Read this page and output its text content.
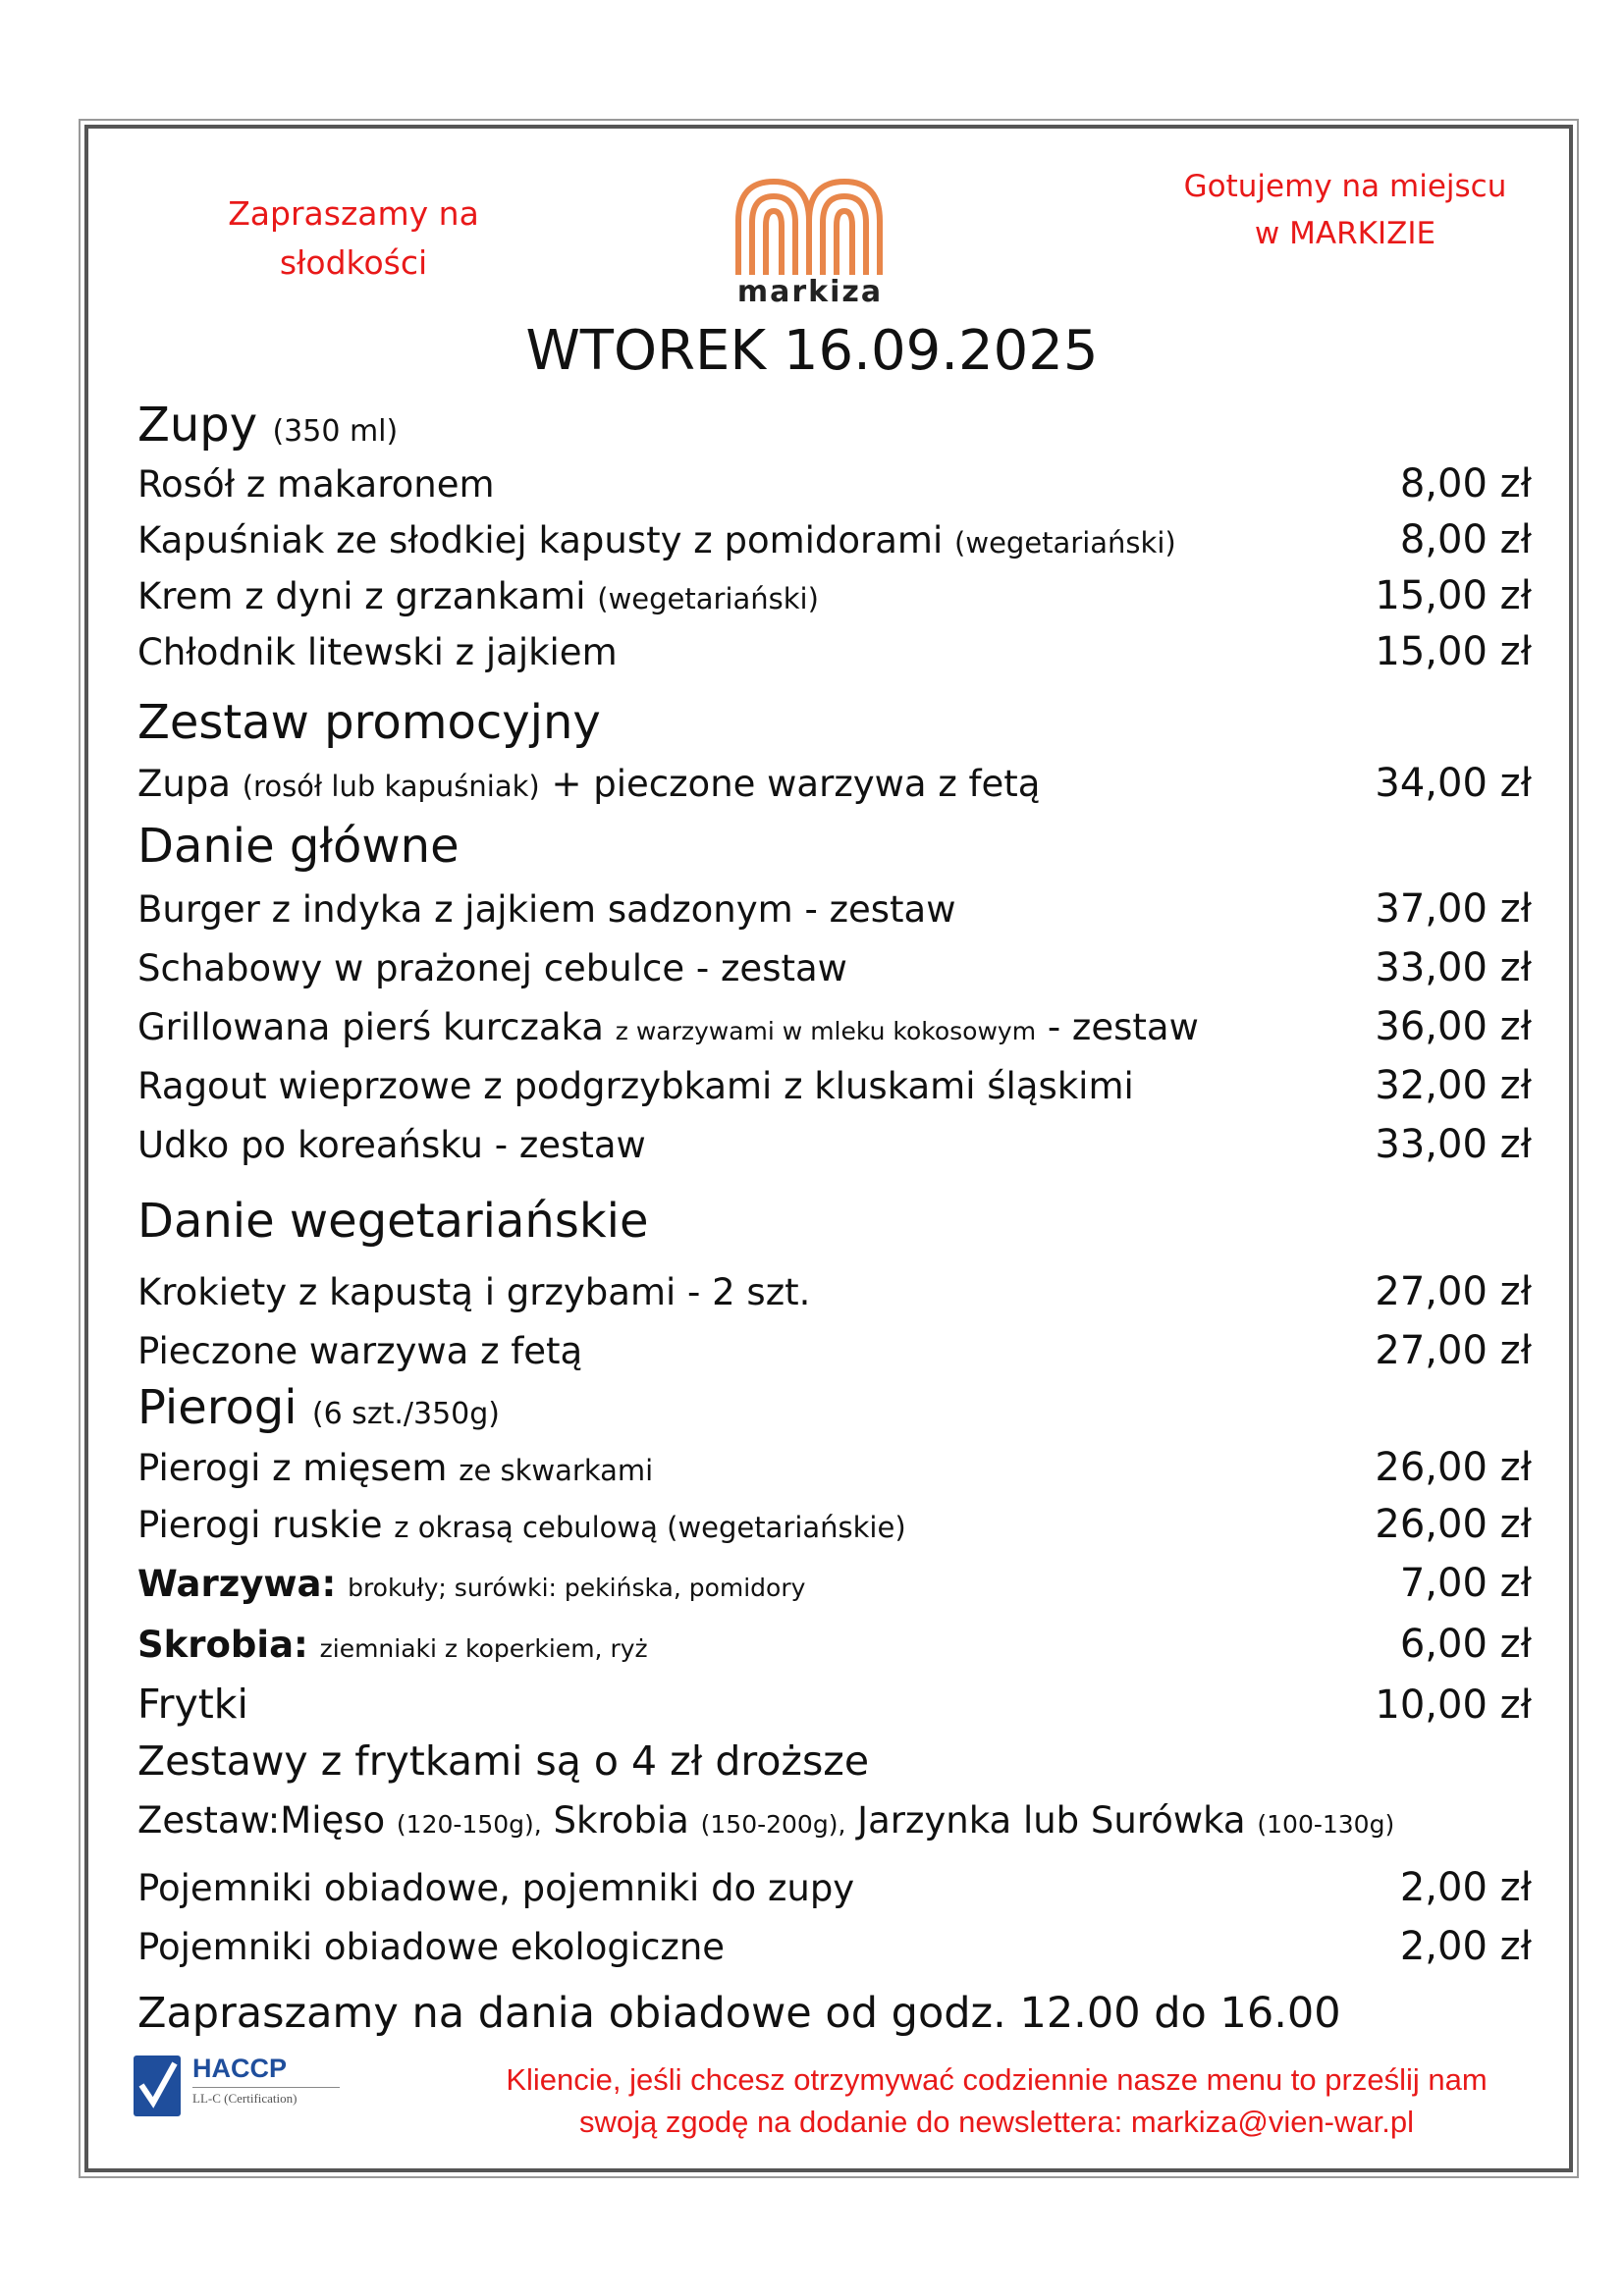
Zapraszamy na
słodkości
markiza
Gotujemy na miejscu
w MARKIZIE
WTOREK 16.09.2025
Zupy (350 ml)
Rosół z makaronem	8,00 zł
Kapuśniak ze słodkiej kapusty z pomidorami (wegetariański)	8,00 zł
Krem z dyni z grzankami (wegetariański)	15,00 zł
Chłodnik litewski z jajkiem	15,00 zł
Zestaw promocyjny
Zupa (rosół lub kapuśniak) + pieczone warzywa z fetą	34,00 zł
Danie główne
Burger z indyka z jajkiem sadzonym - zestaw	37,00 zł
Schabowy w prażonej cebulce - zestaw	33,00 zł
Grillowana pierś kurczaka z warzywami w mleku kokosowym - zestaw	36,00 zł
Ragout wieprzowe z podgrzybkami z kluskami śląskimi	32,00 zł
Udko po koreańsku - zestaw	33,00 zł
Danie wegetariańskie
Krokiety z kapustą i grzybami - 2 szt.	27,00 zł
Pieczone warzywa z fetą	27,00 zł
Pierogi (6 szt./350g)
Pierogi z mięsem ze skwarkami	26,00 zł
Pierogi ruskie z okrasą cebulową (wegetariańskie)	26,00 zł
Warzywa: brokuły; surówki: pekińska, pomidory	7,00 zł
Skrobia: ziemniaki z koperkiem, ryż	6,00 zł
Frytki	10,00 zł
Zestawy z frytkami są o 4 zł droższe
Zestaw:Mięso (120-150g), Skrobia (150-200g), Jarzynka lub Surówka (100-130g)
Pojemniki obiadowe, pojemniki do zupy	2,00 zł
Pojemniki obiadowe ekologiczne	2,00 zł
Zapraszamy na dania obiadowe od godz. 12.00 do 16.00
HACCP
LL-C (Certification)
Kliencie, jeśli chcesz otrzymywać codziennie nasze menu to prześlij nam
swoją zgodę na dodanie do newslettera: markiza@vien-war.pl
